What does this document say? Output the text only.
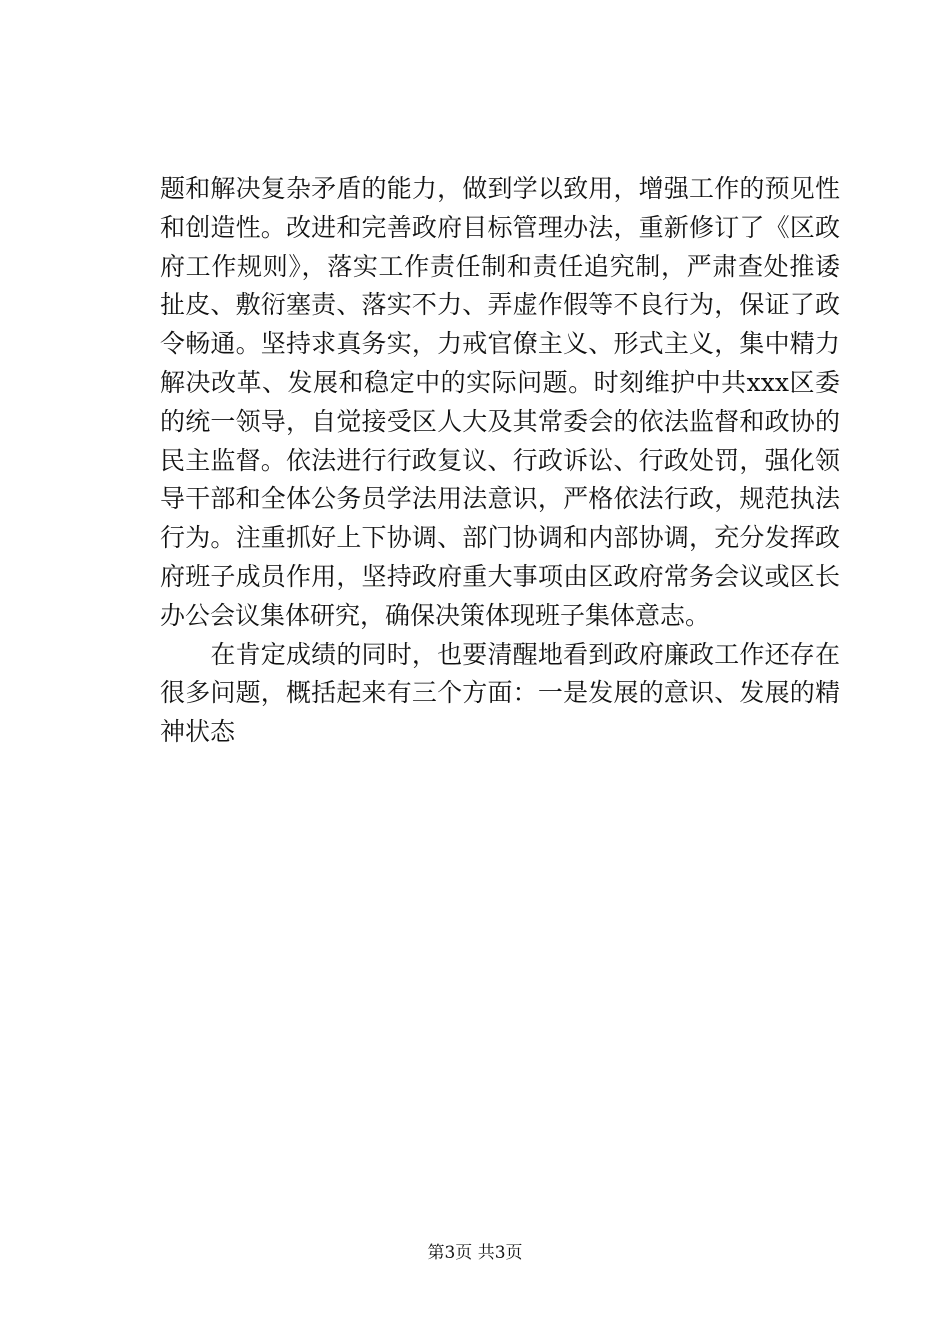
题和解决复杂矛盾的能力，做到学以致用，增强工作的预见性
和创造性。改进和完善政府目标管理办法，重新修订了《区政
府工作规则》，落实工作责任制和责任追究制，严肃查处推诿
扯皮、敷衍塞责、落实不力、弄虚作假等不良行为，保证了政
令畅通。坚持求真务实，力戒官僚主义、形式主义，集中精力
解决改革、发展和稳定中的实际问题。时刻维护中共xxx区委
的统一领导，自觉接受区人大及其常委会的依法监督和政协的
民主监督。依法进行行政复议、行政诉讼、行政处罚，强化领
导干部和全体公务员学法用法意识，严格依法行政，规范执法
行为。注重抓好上下协调、部门协调和内部协调，充分发挥政
府班子成员作用，坚持政府重大事项由区政府常务会议或区长
办公会议集体研究，确保决策体现班子集体意志。
　　在肯定成绩的同时，也要清醒地看到政府廉政工作还存在
很多问题，概括起来有三个方面：一是发展的意识、发展的精
神状态
第3页 共3页
